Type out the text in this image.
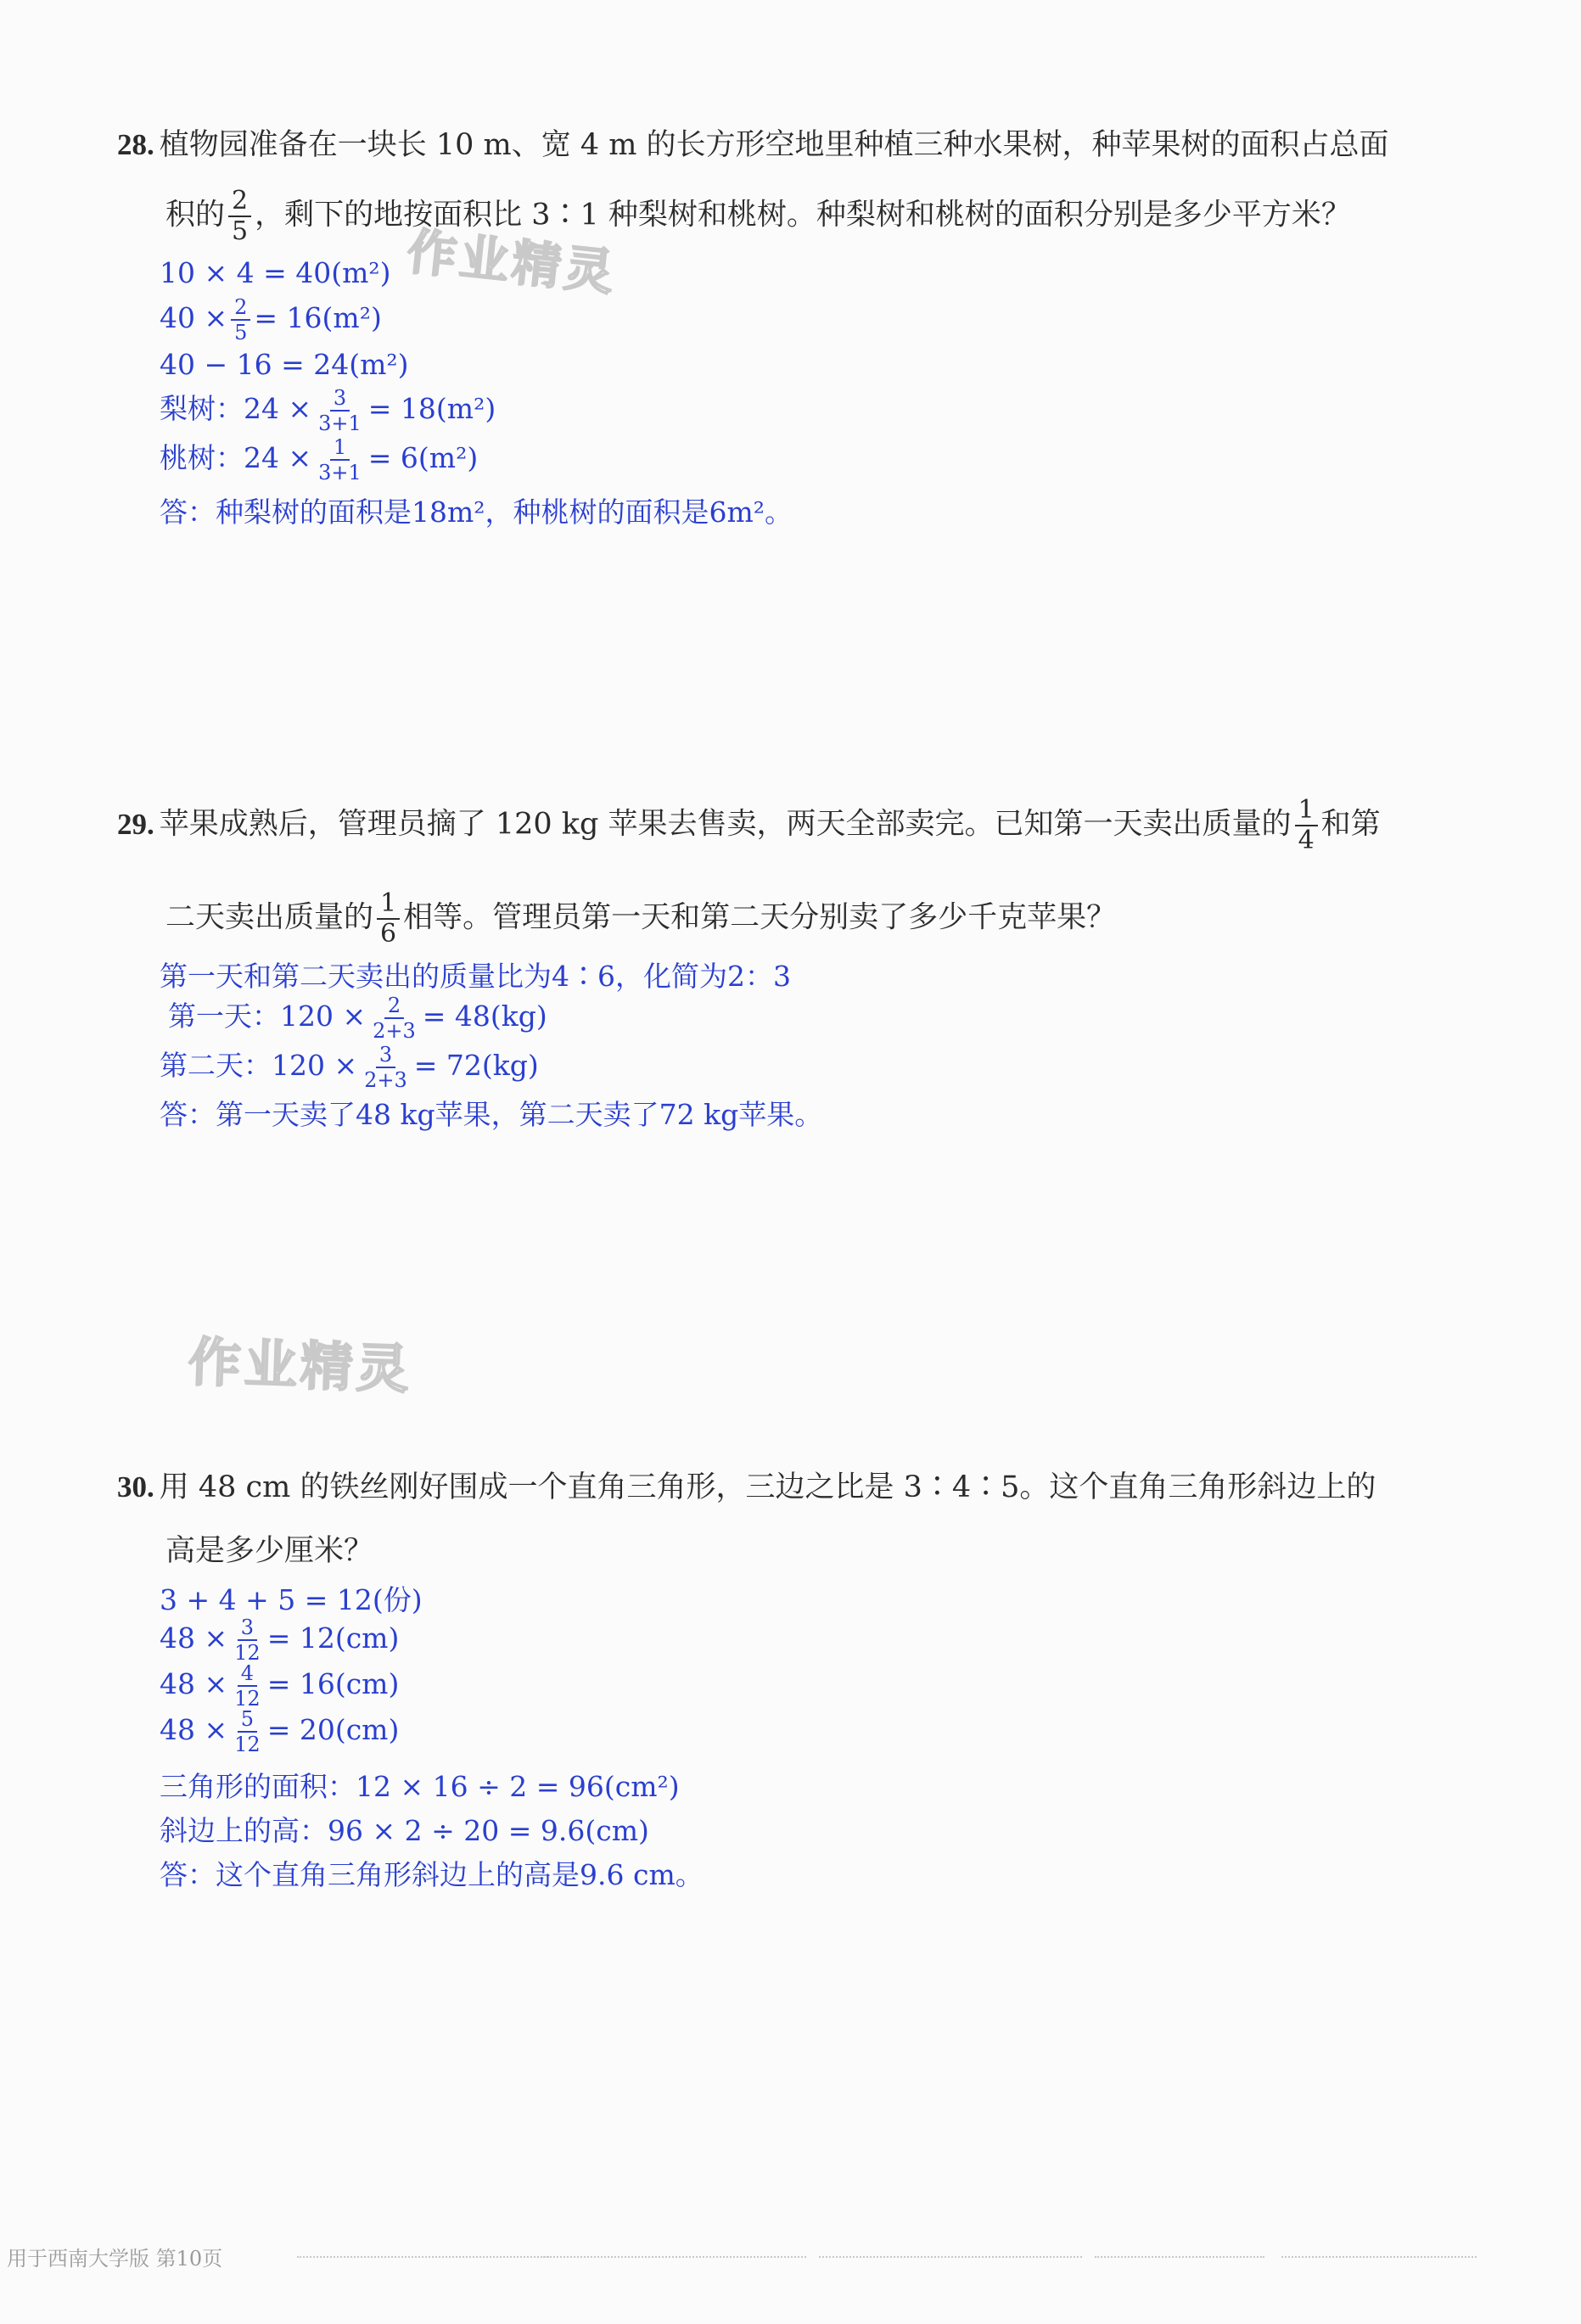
28. 植物园准备在一块长 10 m、宽 4 m 的长方形空地里种植三种水果树，种苹果树的面积占总面
积的 $\frac{2}{5}$ ，剩下的地按面积比 3∶1 种梨树和桃树。种梨树和桃树的面积分别是多少平方米？
作业精灵
10 × 4 = 40(m²)
$40 \times \frac{2}{5} = 16(m^2)$
40 − 16 = 24(m²)
梨树：$24 \times \frac{3}{3+1} = 18(m^2)$
桃树：$24 \times \frac{1}{3+1} = 6(m^2)$
答：种梨树的面积是18m²，种桃树的面积是6m²。
29. 苹果成熟后，管理员摘了 120 kg 苹果去售卖，两天全部卖完。已知第一天卖出质量的 $\frac{1}{4}$ 和第
二天卖出质量的 $\frac{1}{6}$ 相等。管理员第一天和第二天分别卖了多少千克苹果？
第一天和第二天卖出的质量比为4∶6，化简为2：3
第一天：$120 \times \frac{2}{2+3} = 48(kg)$
第二天：$120 \times \frac{3}{2+3} = 72(kg)$
答：第一天卖了48 kg苹果，第二天卖了72 kg苹果。
作业精灵
30. 用 48 cm 的铁丝刚好围成一个直角三角形，三边之比是 3∶4∶5。这个直角三角形斜边上的
高是多少厘米？
3 + 4 + 5 = 12(份)
$48 \times \frac{3}{12} = 12(cm)$
$48 \times \frac{4}{12} = 16(cm)$
$48 \times \frac{5}{12} = 20(cm)$
三角形的面积：12 × 16 ÷ 2 = 96(cm²)
斜边上的高：96 × 2 ÷ 20 = 9.6(cm)
答：这个直角三角形斜边上的高是9.6 cm。
用于西南大学版 第10页
